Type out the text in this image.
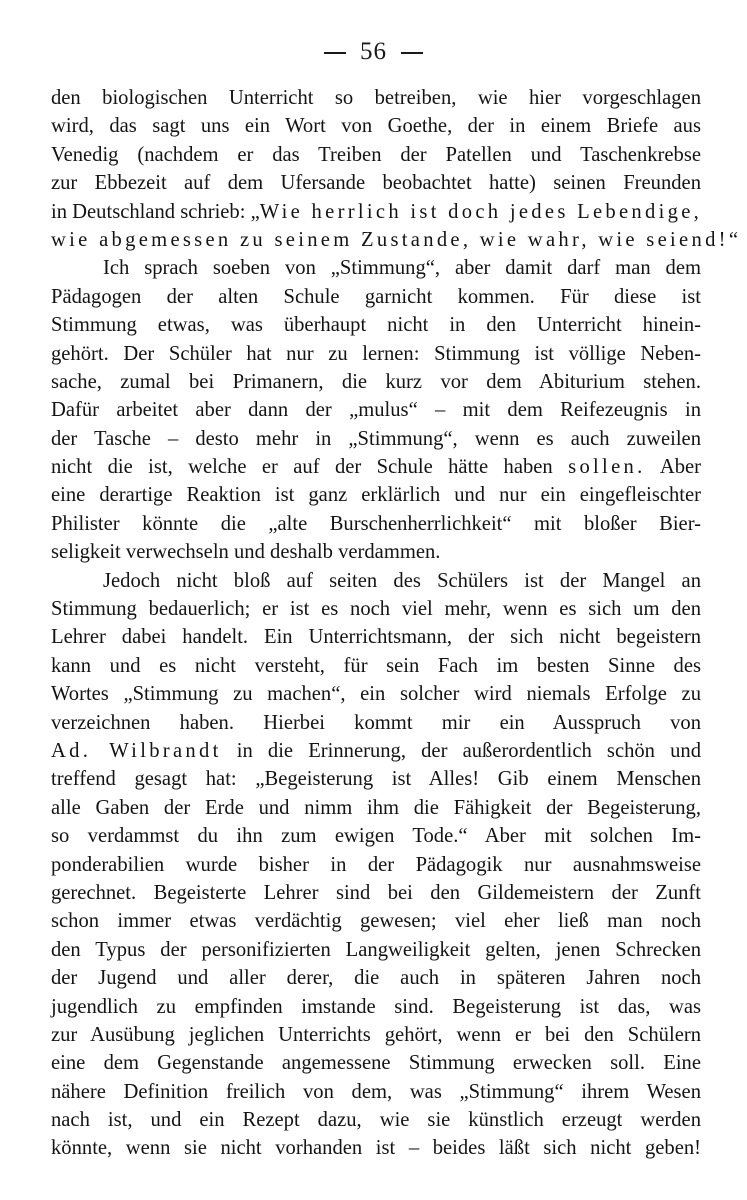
56
den biologischen Unterricht so betreiben, wie hier vorgeschlagen
wird, das sagt uns ein Wort von Goethe, der in einem Briefe aus
Venedig (nachdem er das Treiben der Patellen und Taschenkrebse
zur Ebbezeit auf dem Ufersande beobachtet hatte) seinen Freunden
in Deutschland schrieb: „Wie herrlich ist doch jedes Lebendige,
wie abgemessen zu seinem Zustande, wie wahr, wie seiend!“
Ich sprach soeben von „Stimmung“, aber damit darf man dem
Pädagogen der alten Schule garnicht kommen. Für diese ist
Stimmung etwas, was überhaupt nicht in den Unterricht hinein-
gehört. Der Schüler hat nur zu lernen: Stimmung ist völlige Neben-
sache, zumal bei Primanern, die kurz vor dem Abiturium stehen.
Dafür arbeitet aber dann der „mulus“ – mit dem Reifezeugnis in
der Tasche – desto mehr in „Stimmung“, wenn es auch zuweilen
nicht die ist, welche er auf der Schule hätte haben sollen. Aber
eine derartige Reaktion ist ganz erklärlich und nur ein eingefleischter
Philister könnte die „alte Burschenherrlichkeit“ mit bloßer Bier-
seligkeit verwechseln und deshalb verdammen.
Jedoch nicht bloß auf seiten des Schülers ist der Mangel an
Stimmung bedauerlich; er ist es noch viel mehr, wenn es sich um den
Lehrer dabei handelt. Ein Unterrichtsmann, der sich nicht begeistern
kann und es nicht versteht, für sein Fach im besten Sinne des
Wortes „Stimmung zu machen“, ein solcher wird niemals Erfolge zu
verzeichnen haben. Hierbei kommt mir ein Ausspruch von
Ad. Wilbrandt in die Erinnerung, der außerordentlich schön und
treffend gesagt hat: „Begeisterung ist Alles! Gib einem Menschen
alle Gaben der Erde und nimm ihm die Fähigkeit der Begeisterung,
so verdammst du ihn zum ewigen Tode.“ Aber mit solchen Im-
ponderabilien wurde bisher in der Pädagogik nur ausnahmsweise
gerechnet. Begeisterte Lehrer sind bei den Gildemeistern der Zunft
schon immer etwas verdächtig gewesen; viel eher ließ man noch
den Typus der personifizierten Langweiligkeit gelten, jenen Schrecken
der Jugend und aller derer, die auch in späteren Jahren noch
jugendlich zu empfinden imstande sind. Begeisterung ist das, was
zur Ausübung jeglichen Unterrichts gehört, wenn er bei den Schülern
eine dem Gegenstande angemessene Stimmung erwecken soll. Eine
nähere Definition freilich von dem, was „Stimmung“ ihrem Wesen
nach ist, und ein Rezept dazu, wie sie künstlich erzeugt werden
könnte, wenn sie nicht vorhanden ist – beides läßt sich nicht geben!
